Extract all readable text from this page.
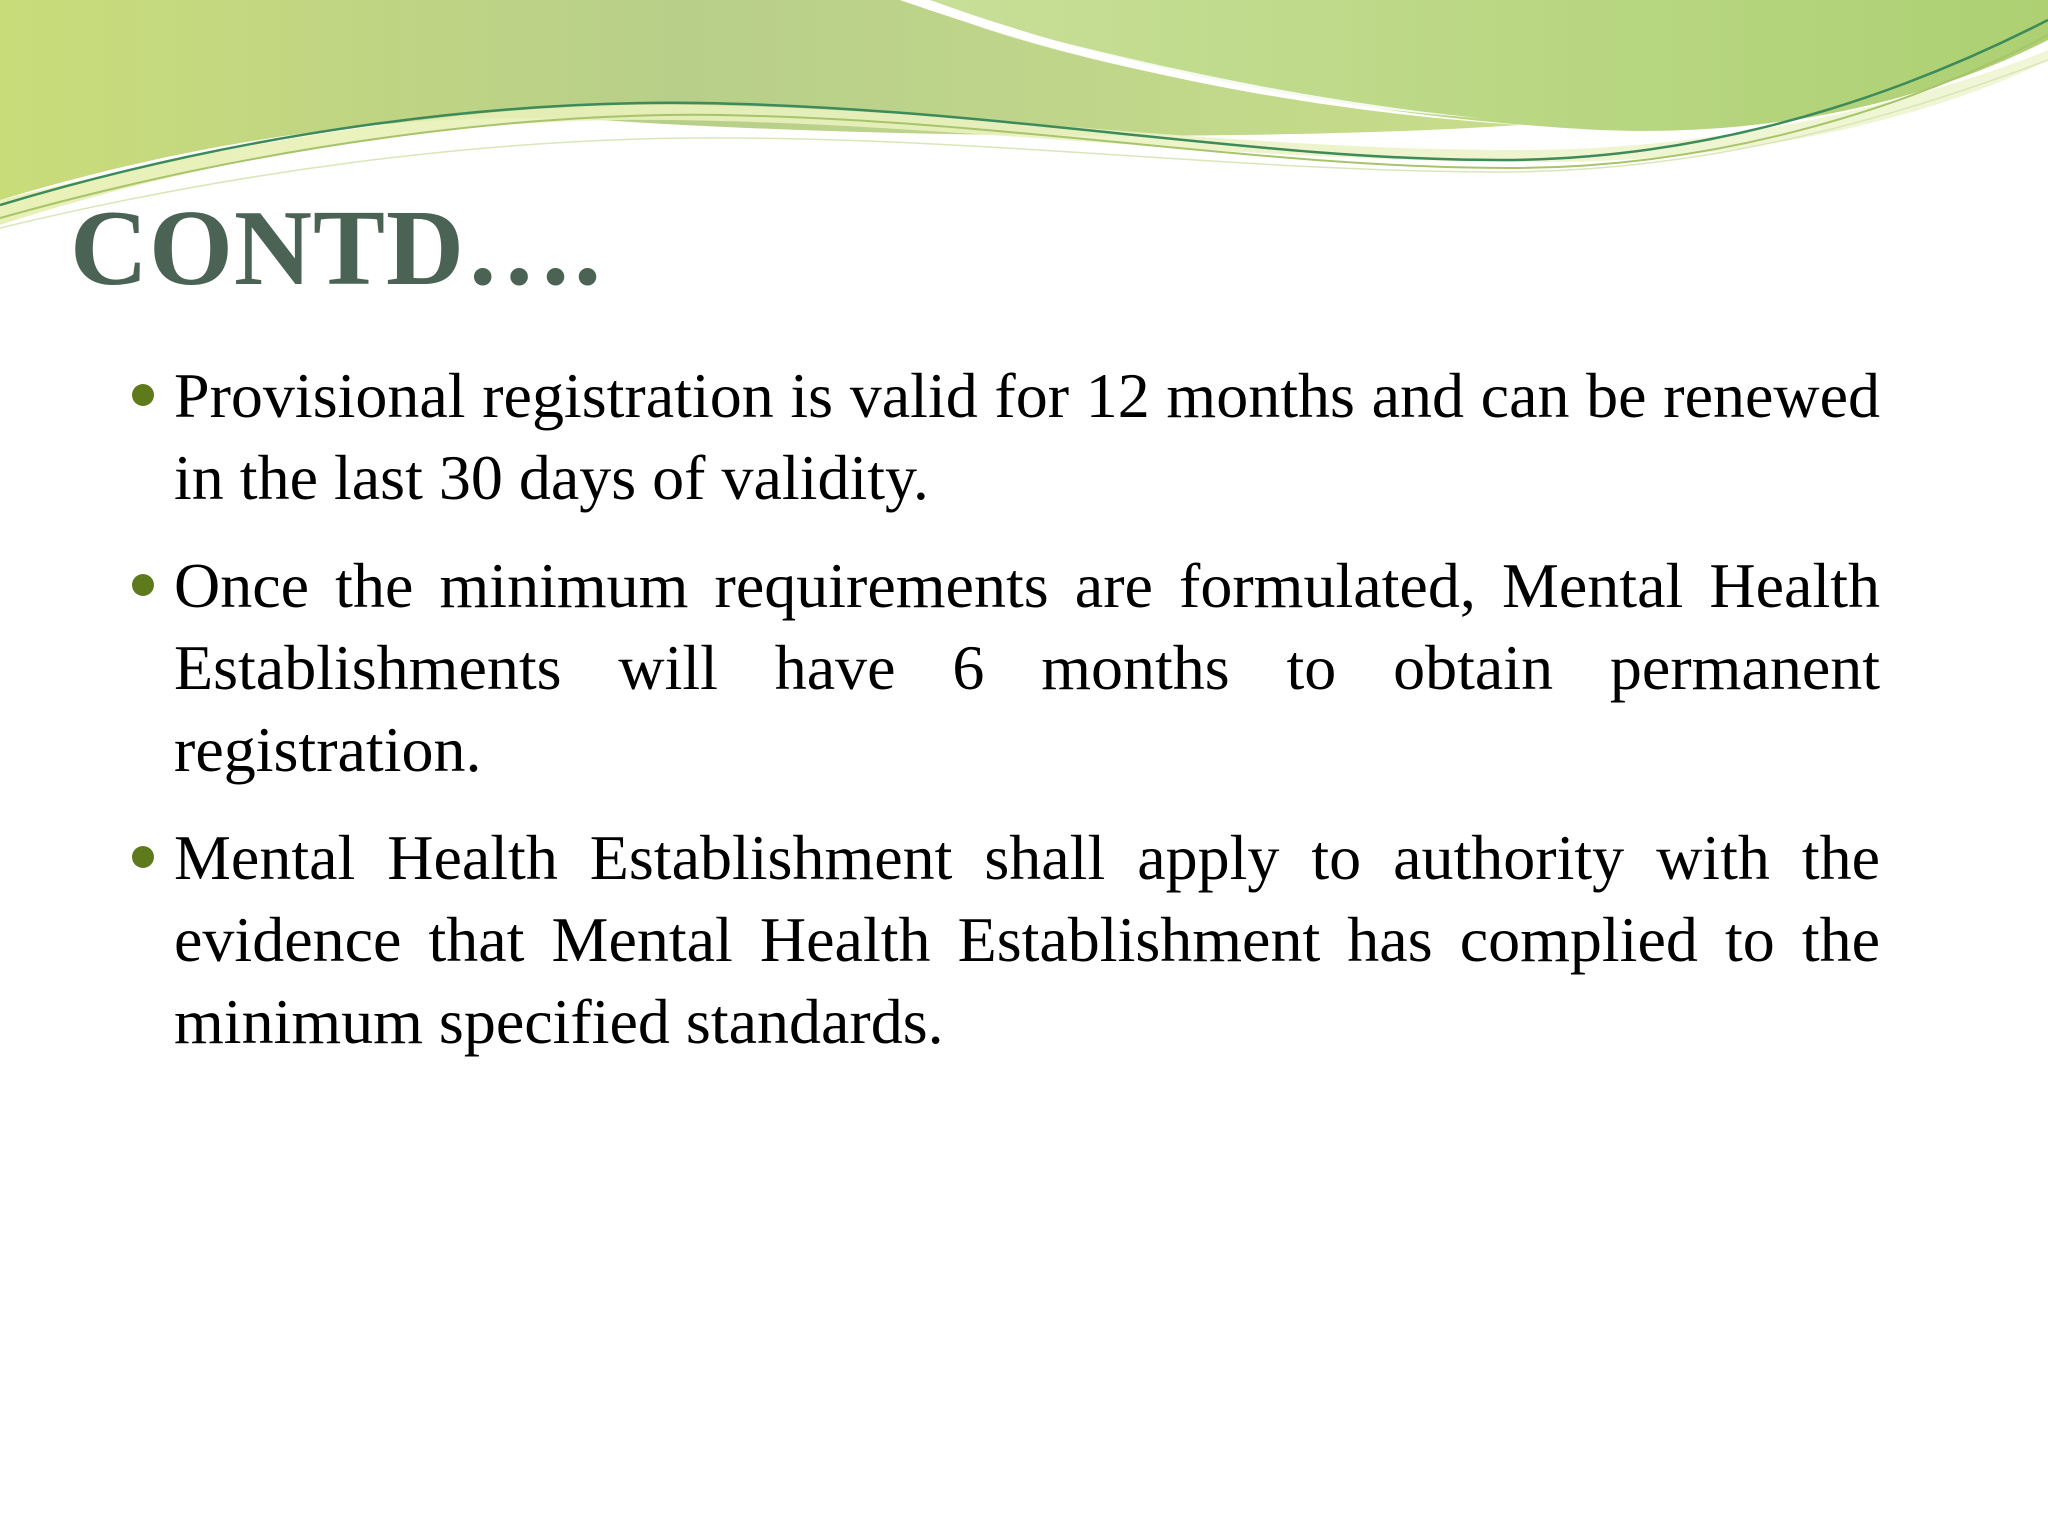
CONTD….
Provisional registration is valid for 12 months and can be renewed in the last 30 days of validity.
Once the minimum requirements are formulated, Mental Health Establishments will have 6 months to obtain permanent registration.
Mental Health Establishment shall apply to authority with the evidence that Mental Health Establishment has complied to the minimum specified standards.
